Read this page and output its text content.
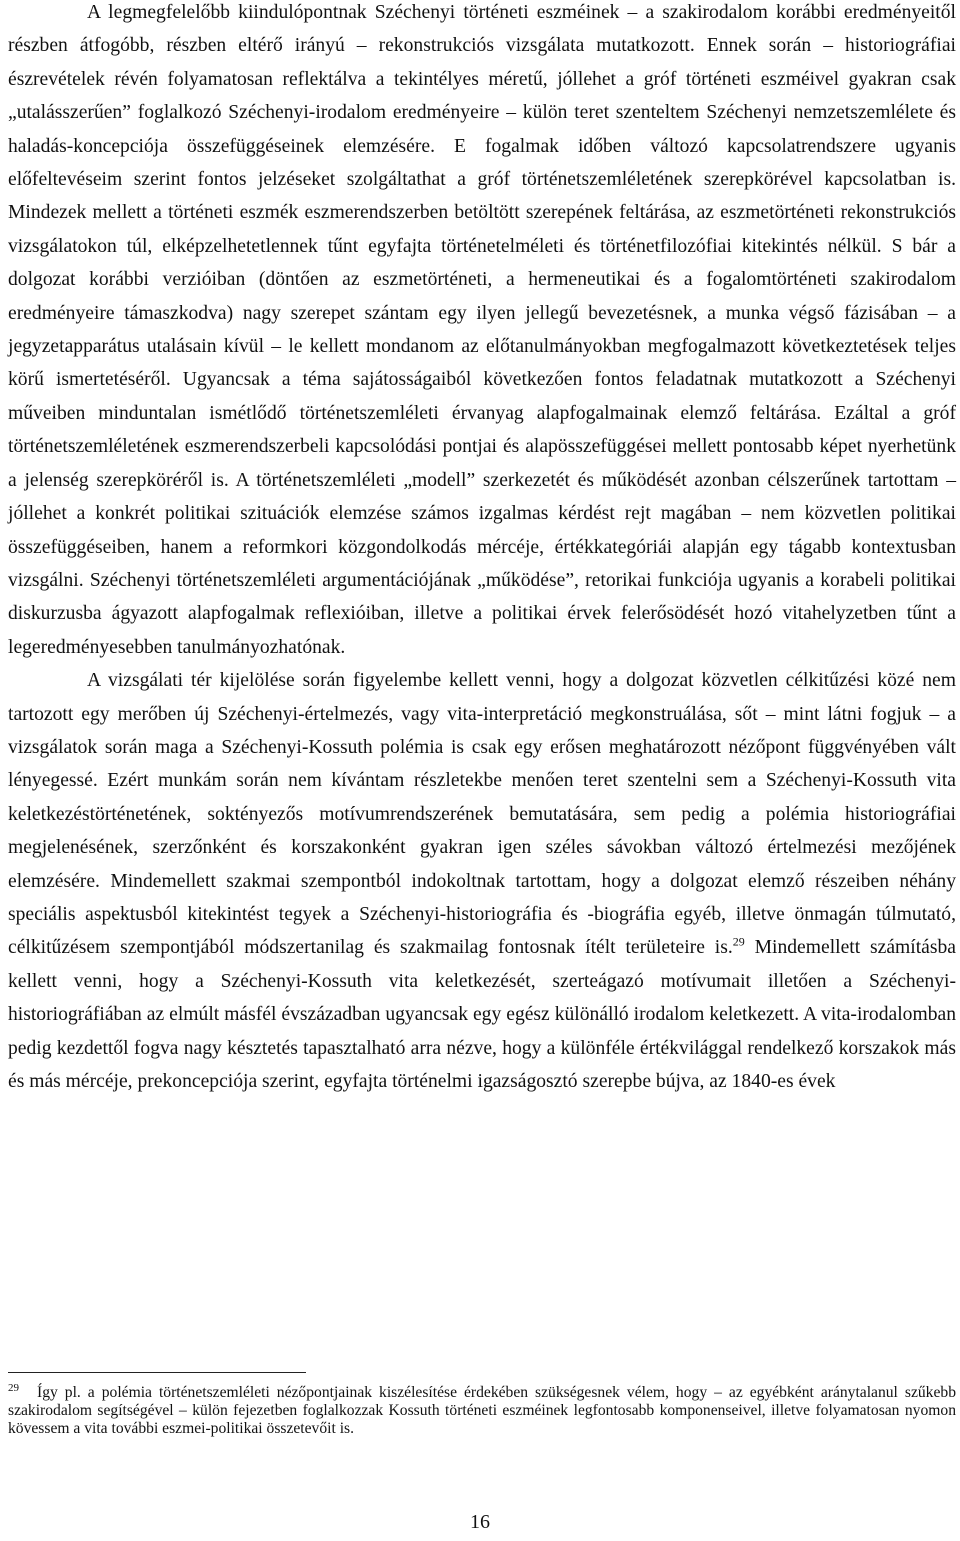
A legmegfelelőbb kiindulópontnak Széchenyi történeti eszméinek – a szakirodalom korábbi eredményeitől részben átfogóbb, részben eltérő irányú – rekonstrukciós vizsgálata mutatkozott. Ennek során – historiográfiai észrevételek révén folyamatosan reflektálva a tekintélyes méretű, jóllehet a gróf történeti eszméivel gyakran csak „utalásszerűen” foglalkozó Széchenyi-irodalom eredményeire – külön teret szenteltem Széchenyi nemzetszemlélete és haladás-koncepciója összefüggéseinek elemzésére. E fogalmak időben változó kapcsolatrendszere ugyanis előfeltevéseim szerint fontos jelzéseket szolgáltathat a gróf történetszemléletének szerepkörével kapcsolatban is. Mindezek mellett a történeti eszmék eszmerendszerben betöltött szerepének feltárása, az eszmetörténeti rekonstrukciós vizsgálatokon túl, elképzelhetetlennek tűnt egyfajta történetelméleti és történetfilozófiai kitekintés nélkül. S bár a dolgozat korábbi verzióiban (döntően az eszmetörténeti, a hermeneutikai és a fogalomtörténeti szakirodalom eredményeire támaszkodva) nagy szerepet szántam egy ilyen jellegű bevezetésnek, a munka végső fázisában – a jegyzetapparátus utalásain kívül – le kellett mondanom az előtanulmányokban megfogalmazott következtetések teljes körű ismertetéséről. Ugyancsak a téma sajátosságaiból következően fontos feladatnak mutatkozott a Széchenyi műveiben minduntalan ismétlődő történetszemléleti érvanyag alapfogalmainak elemző feltárása. Ezáltal a gróf történetszemléletének eszmerendszerbeli kapcsolódási pontjai és alapösszefüggései mellett pontosabb képet nyerhetünk a jelenség szerepköréről is. A történetszemléleti „modell” szerkezetét és működését azonban célszerűnek tartottam – jóllehet a konkrét politikai szituációk elemzése számos izgalmas kérdést rejt magában – nem közvetlen politikai összefüggéseiben, hanem a reformkori közgondolkodás mércéje, értékkategóriái alapján egy tágabb kontextusban vizsgálni. Széchenyi történetszemléleti argumentációjának „működése”, retorikai funkciója ugyanis a korabeli politikai diskurzusba ágyazott alapfogalmak reflexióiban, illetve a politikai érvek felerősödését hozó vitahelyzetben tűnt a legeredményesebben tanulmányozhatónak.

A vizsgálati tér kijelölése során figyelembe kellett venni, hogy a dolgozat közvetlen célkitűzési közé nem tartozott egy merőben új Széchenyi-értelmezés, vagy vita-interpretáció megkonstruálása, sőt – mint látni fogjuk – a vizsgálatok során maga a Széchenyi-Kossuth polémia is csak egy erősen meghatározott nézőpont függvényében vált lényegessé. Ezért munkám során nem kívántam részletekbe menően teret szentelni sem a Széchenyi-Kossuth vita keletkezéstörténetének, soktényezős motívumrendszerének bemutatására, sem pedig a polémia historiográfiai megjelenésének, szerzőnként és korszakonként gyakran igen széles sávokban változó értelmezési mezőjének elemzésére. Mindemellett szakmai szempontból indokoltnak tartottam, hogy a dolgozat elemző részeiben néhány speciális aspektusból kitekintést tegyek a Széchenyi-historiográfia és -biográfia egyéb, illetve önmagán túlmutató, célkitűzésem szempontjából módszertanilag és szakmailag fontosnak ítélt területeire is.$^{29}$ Mindemellett számításba kellett venni, hogy a Széchenyi-Kossuth vita keletkezését, szerteágazó motívumait illetően a Széchenyi-historiográfiában az elmúlt másfél évszázadban ugyancsak egy egész különálló irodalom keletkezett. A vita-irodalomban pedig kezdettől fogva nagy késztetés tapasztalható arra nézve, hogy a különféle értékvilággal rendelkező korszakok más és más mércéje, prekoncepciója szerint, egyfajta történelmi igazságosztó szerepbe bújva, az 1840-es évek

$^{29}$ Így pl. a polémia történetszemléleti nézőpontjainak kiszélesítése érdekében szükségesnek vélem, hogy – az egyébként aránytalanul szűkebb szakirodalom segítségével – külön fejezetben foglalkozzak Kossuth történeti eszméinek legfontosabb komponenseivel, illetve folyamatosan nyomon kövessem a vita további eszmei-politikai összetevőit is.

16
